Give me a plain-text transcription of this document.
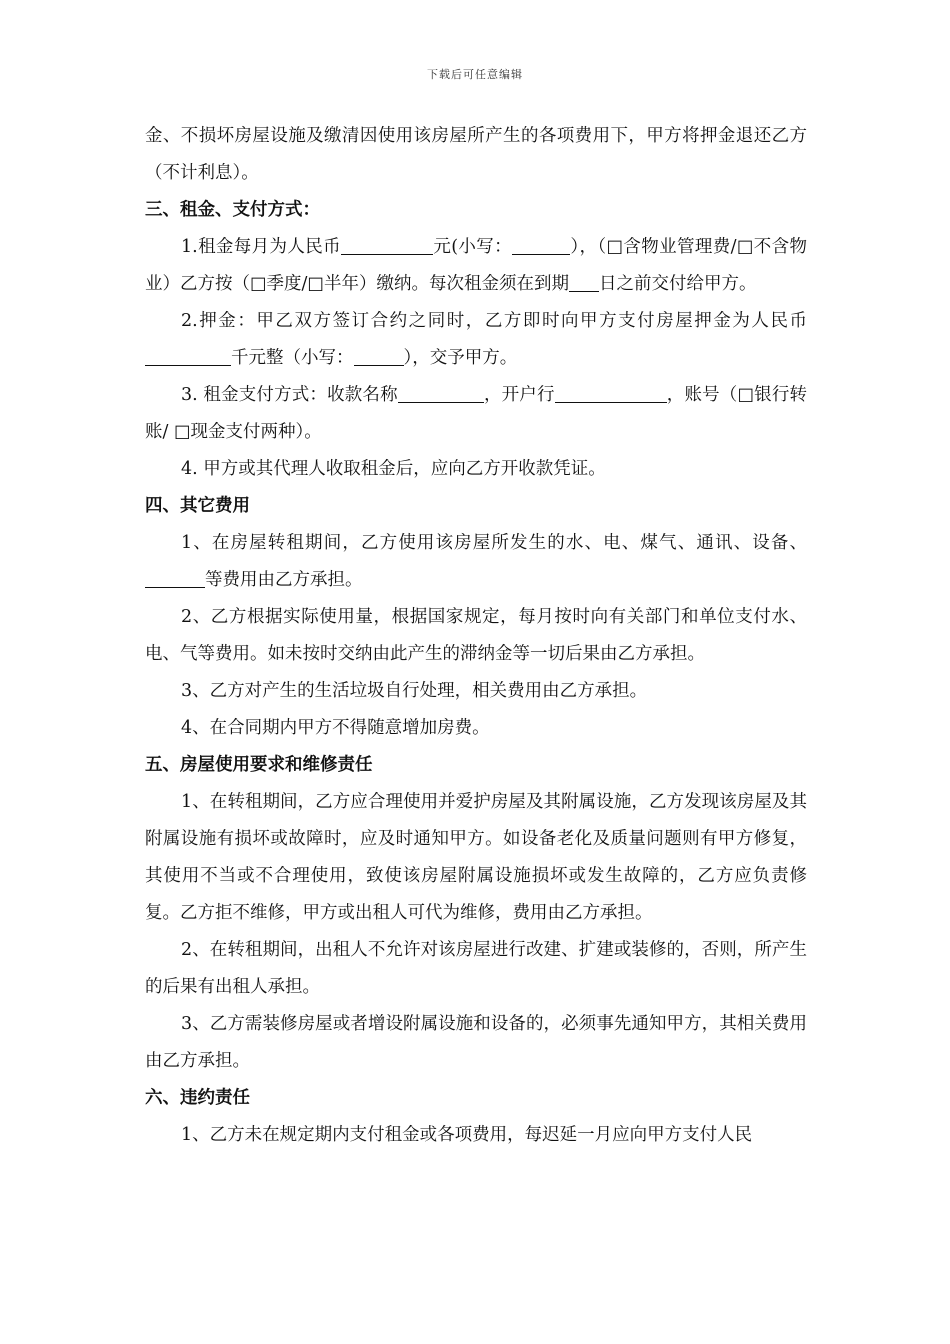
下载后可任意编辑

金、不损坏房屋设施及缴清因使用该房屋所产生的各项费用下，甲方将押金退还乙方（不计利息）。

三、租金、支付方式：

1.租金每月为人民币	元(小写：	），（□含物业管理费/□不含物业）乙方按（□季度/□半年）缴纳。每次租金须在到期 日之前交付给甲方。

2.押金：甲乙双方签订合约之同时，乙方即时向甲方支付房屋押金为人民币千元整（小写：	），交予甲方。

3. 租金支付方式：收款名称	，开户行	，账号（□银行转账/ □现金支付两种）。

4. 甲方或其代理人收取租金后，应向乙方开收款凭证。

四、其它费用

1、在房屋转租期间，乙方使用该房屋所发生的水、电、煤气、通讯、设备、等费用由乙方承担。

2、乙方根据实际使用量，根据国家规定，每月按时向有关部门和单位支付水、电、气等费用。如未按时交纳由此产生的滞纳金等一切后果由乙方承担。

3、乙方对产生的生活垃圾自行处理，相关费用由乙方承担。

4、在合同期内甲方不得随意增加房费。

五、房屋使用要求和维修责任

1、在转租期间，乙方应合理使用并爱护房屋及其附属设施，乙方发现该房屋及其附属设施有损坏或故障时，应及时通知甲方。如设备老化及质量问题则有甲方修复，其使用不当或不合理使用，致使该房屋附属设施损坏或发生故障的，乙方应负责修复。乙方拒不维修，甲方或出租人可代为维修，费用由乙方承担。

2、在转租期间，出租人不允许对该房屋进行改建、扩建或装修的，否则，所产生的后果有出租人承担。

3、乙方需装修房屋或者增设附属设施和设备的，必须事先通知甲方，其相关费用由乙方承担。

六、违约责任

1、乙方未在规定期内支付租金或各项费用，每迟延一月应向甲方支付人民
